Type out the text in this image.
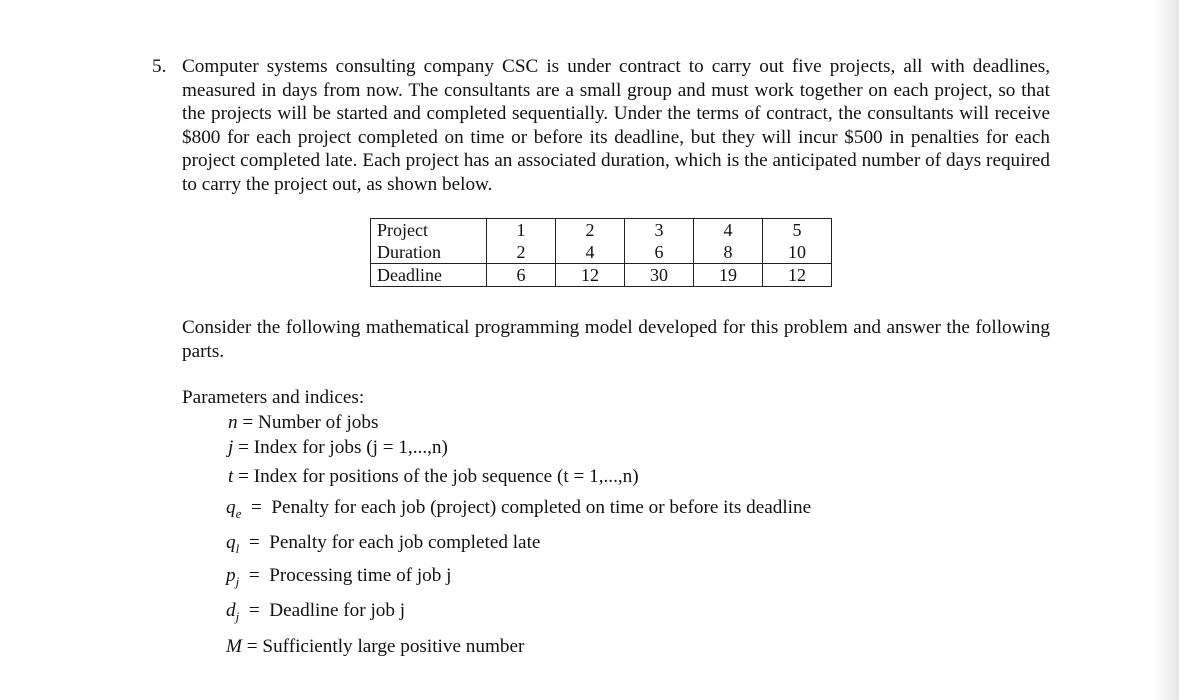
5. Computer systems consulting company CSC is under contract to carry out five projects, all with deadlines, measured in days from now. The consultants are a small group and must work together on each project, so that the projects will be started and completed sequentially. Under the terms of contract, the consultants will receive $800 for each project completed on time or before its deadline, but they will incur $500 in penalties for each project completed late. Each project has an associated duration, which is the anticipated number of days required to carry the project out, as shown below.
Project	1	2	3	4	5
Duration	2	4	6	8	10
Deadline	6	12	30	19	12
Consider the following mathematical programming model developed for this problem and answer the following parts.
Parameters and indices:
n = Number of jobs
j = Index for jobs (j = 1,...,n)
t = Index for positions of the job sequence (t = 1,...,n)
$q_e$  =  Penalty for each job (project) completed on time or before its deadline
$q_l$  =  Penalty for each job completed late
$p_j$  =  Processing time of job j
$d_j$  =  Deadline for job j
M = Sufficiently large positive number
